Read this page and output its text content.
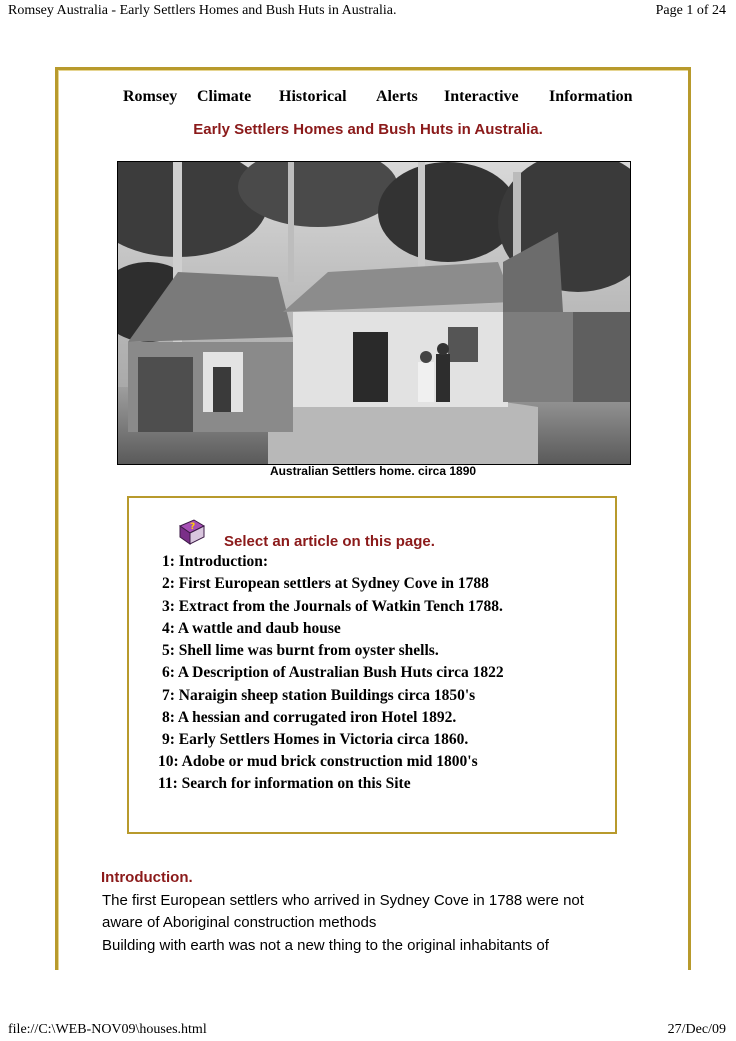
Romsey Australia - Early Settlers Homes and Bush Huts in Australia.	Page 1 of 24
Romsey Climate Historical Alerts Interactive Information
Early Settlers Homes and Bush Huts in Australia.
Australian Settlers home. circa 1890
?
Select an article on this page.
1: Introduction:
2: First European settlers at Sydney Cove in 1788
3: Extract from the Journals of Watkin Tench 1788.
4: A wattle and daub house
5: Shell lime was burnt from oyster shells.
6: A Description of Australian Bush Huts circa 1822
7: Naraigin sheep station Buildings circa 1850's
8: A hessian and corrugated iron Hotel 1892.
9: Early Settlers Homes in Victoria circa 1860.
10: Adobe or mud brick construction mid 1800's
11: Search for information on this Site
Introduction.
The first European settlers who arrived in Sydney Cove in 1788 were not
aware of Aboriginal construction methods
Building with earth was not a new thing to the original inhabitants of
file://C:\WEB-NOV09\houses.html	27/Dec/09
